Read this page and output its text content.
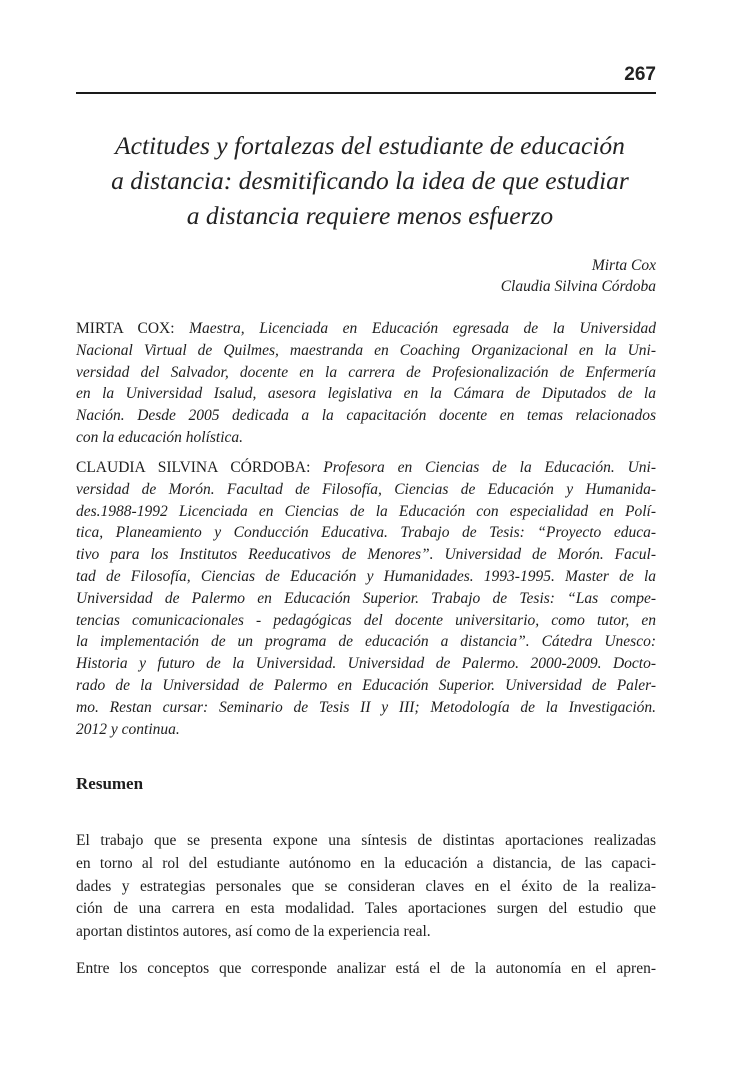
267
Actitudes y fortalezas del estudiante de educación
a distancia: desmitificando la idea de que estudiar
a distancia requiere menos esfuerzo
Mirta Cox
Claudia Silvina Córdoba
MIRTA COX: Maestra, Licenciada en Educación egresada de la Universidad
Nacional Virtual de Quilmes, maestranda en Coaching Organizacional en la Uni-
versidad del Salvador, docente en la carrera de Profesionalización de Enfermería
en la Universidad Isalud, asesora legislativa en la Cámara de Diputados de la
Nación. Desde 2005 dedicada a la capacitación docente en temas relacionados
con la educación holística.
CLAUDIA SILVINA CÓRDOBA: Profesora en Ciencias de la Educación. Uni-
versidad de Morón. Facultad de Filosofía, Ciencias de Educación y Humanida-
des.1988-1992 Licenciada en Ciencias de la Educación con especialidad en Polí-
tica, Planeamiento y Conducción Educativa. Trabajo de Tesis: “Proyecto educa-
tivo para los Institutos Reeducativos de Menores”. Universidad de Morón. Facul-
tad de Filosofía, Ciencias de Educación y Humanidades. 1993-1995. Master de la
Universidad de Palermo en Educación Superior. Trabajo de Tesis: “Las compe-
tencias comunicacionales - pedagógicas del docente universitario, como tutor, en
la implementación de un programa de educación a distancia”. Cátedra Unesco:
Historia y futuro de la Universidad. Universidad de Palermo. 2000-2009. Docto-
rado de la Universidad de Palermo en Educación Superior. Universidad de Paler-
mo. Restan cursar: Seminario de Tesis II y III; Metodología de la Investigación.
2012 y continua.
Resumen
El trabajo que se presenta expone una síntesis de distintas aportaciones realizadas
en torno al rol del estudiante autónomo en la educación a distancia, de las capaci-
dades y estrategias personales que se consideran claves en el éxito de la realiza-
ción de una carrera en esta modalidad. Tales aportaciones surgen del estudio que
aportan distintos autores, así como de la experiencia real.
Entre los conceptos que corresponde analizar está el de la autonomía en el apren-
